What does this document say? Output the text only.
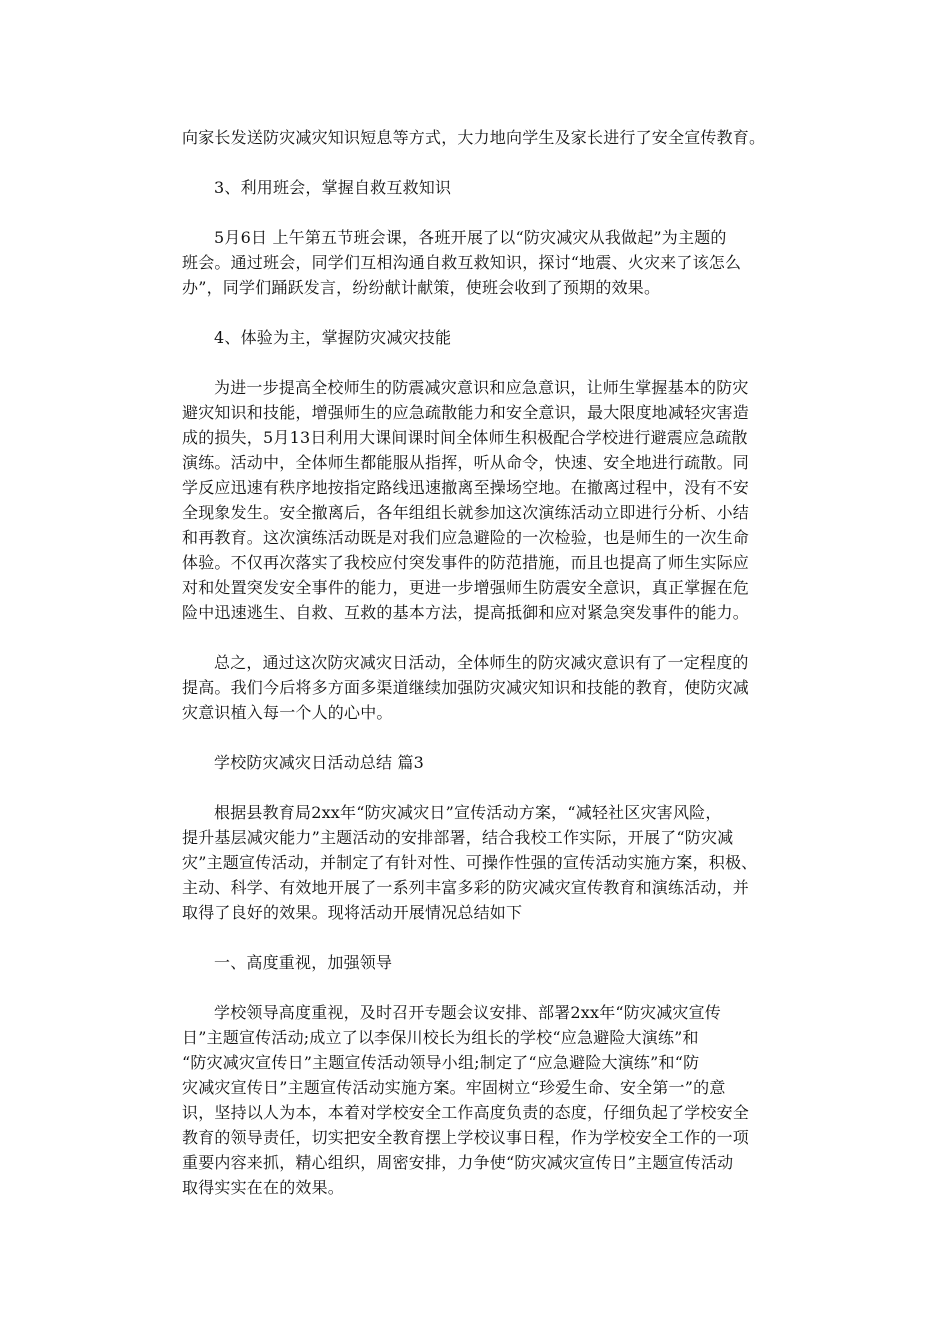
向家长发送防灾减灾知识短息等方式，大力地向学生及家长进行了安全宣传教育。
3、利用班会，掌握自救互救知识
5月6日 上午第五节班会课，各班开展了以“防灾减灾从我做起”为主题的
班会。通过班会，同学们互相沟通自救互救知识，探讨“地震、火灾来了该怎么
办”，同学们踊跃发言，纷纷献计献策，使班会收到了预期的效果。
4、体验为主，掌握防灾减灾技能
为进一步提高全校师生的防震减灾意识和应急意识，让师生掌握基本的防灾
避灾知识和技能，增强师生的应急疏散能力和安全意识，最大限度地减轻灾害造
成的损失，5月13日利用大课间课时间全体师生积极配合学校进行避震应急疏散
演练。活动中，全体师生都能服从指挥，听从命令，快速、安全地进行疏散。同
学反应迅速有秩序地按指定路线迅速撤离至操场空地。在撤离过程中，没有不安
全现象发生。安全撤离后，各年组组长就参加这次演练活动立即进行分析、小结
和再教育。这次演练活动既是对我们应急避险的一次检验，也是师生的一次生命
体验。不仅再次落实了我校应付突发事件的防范措施，而且也提高了师生实际应
对和处置突发安全事件的能力，更进一步增强师生防震安全意识，真正掌握在危
险中迅速逃生、自救、互救的基本方法，提高抵御和应对紧急突发事件的能力。
总之，通过这次防灾减灾日活动，全体师生的防灾减灾意识有了一定程度的
提高。我们今后将多方面多渠道继续加强防灾减灾知识和技能的教育，使防灾减
灾意识植入每一个人的心中。
学校防灾减灾日活动总结 篇3
根据县教育局2xx年“防灾减灾日”宣传活动方案，“减轻社区灾害风险，
提升基层减灾能力”主题活动的安排部署，结合我校工作实际，开展了“防灾减
灾”主题宣传活动，并制定了有针对性、可操作性强的宣传活动实施方案，积极、
主动、科学、有效地开展了一系列丰富多彩的防灾减灾宣传教育和演练活动，并
取得了良好的效果。现将活动开展情况总结如下
一、高度重视，加强领导
学校领导高度重视，及时召开专题会议安排、部署2xx年“防灾减灾宣传
日”主题宣传活动;成立了以李保川校长为组长的学校“应急避险大演练”和
“防灾减灾宣传日”主题宣传活动领导小组;制定了“应急避险大演练”和“防
灾减灾宣传日”主题宣传活动实施方案。牢固树立“珍爱生命、安全第一”的意
识，坚持以人为本，本着对学校安全工作高度负责的态度，仔细负起了学校安全
教育的领导责任，切实把安全教育摆上学校议事日程，作为学校安全工作的一项
重要内容来抓，精心组织，周密安排，力争使“防灾减灾宣传日”主题宣传活动
取得实实在在的效果。
